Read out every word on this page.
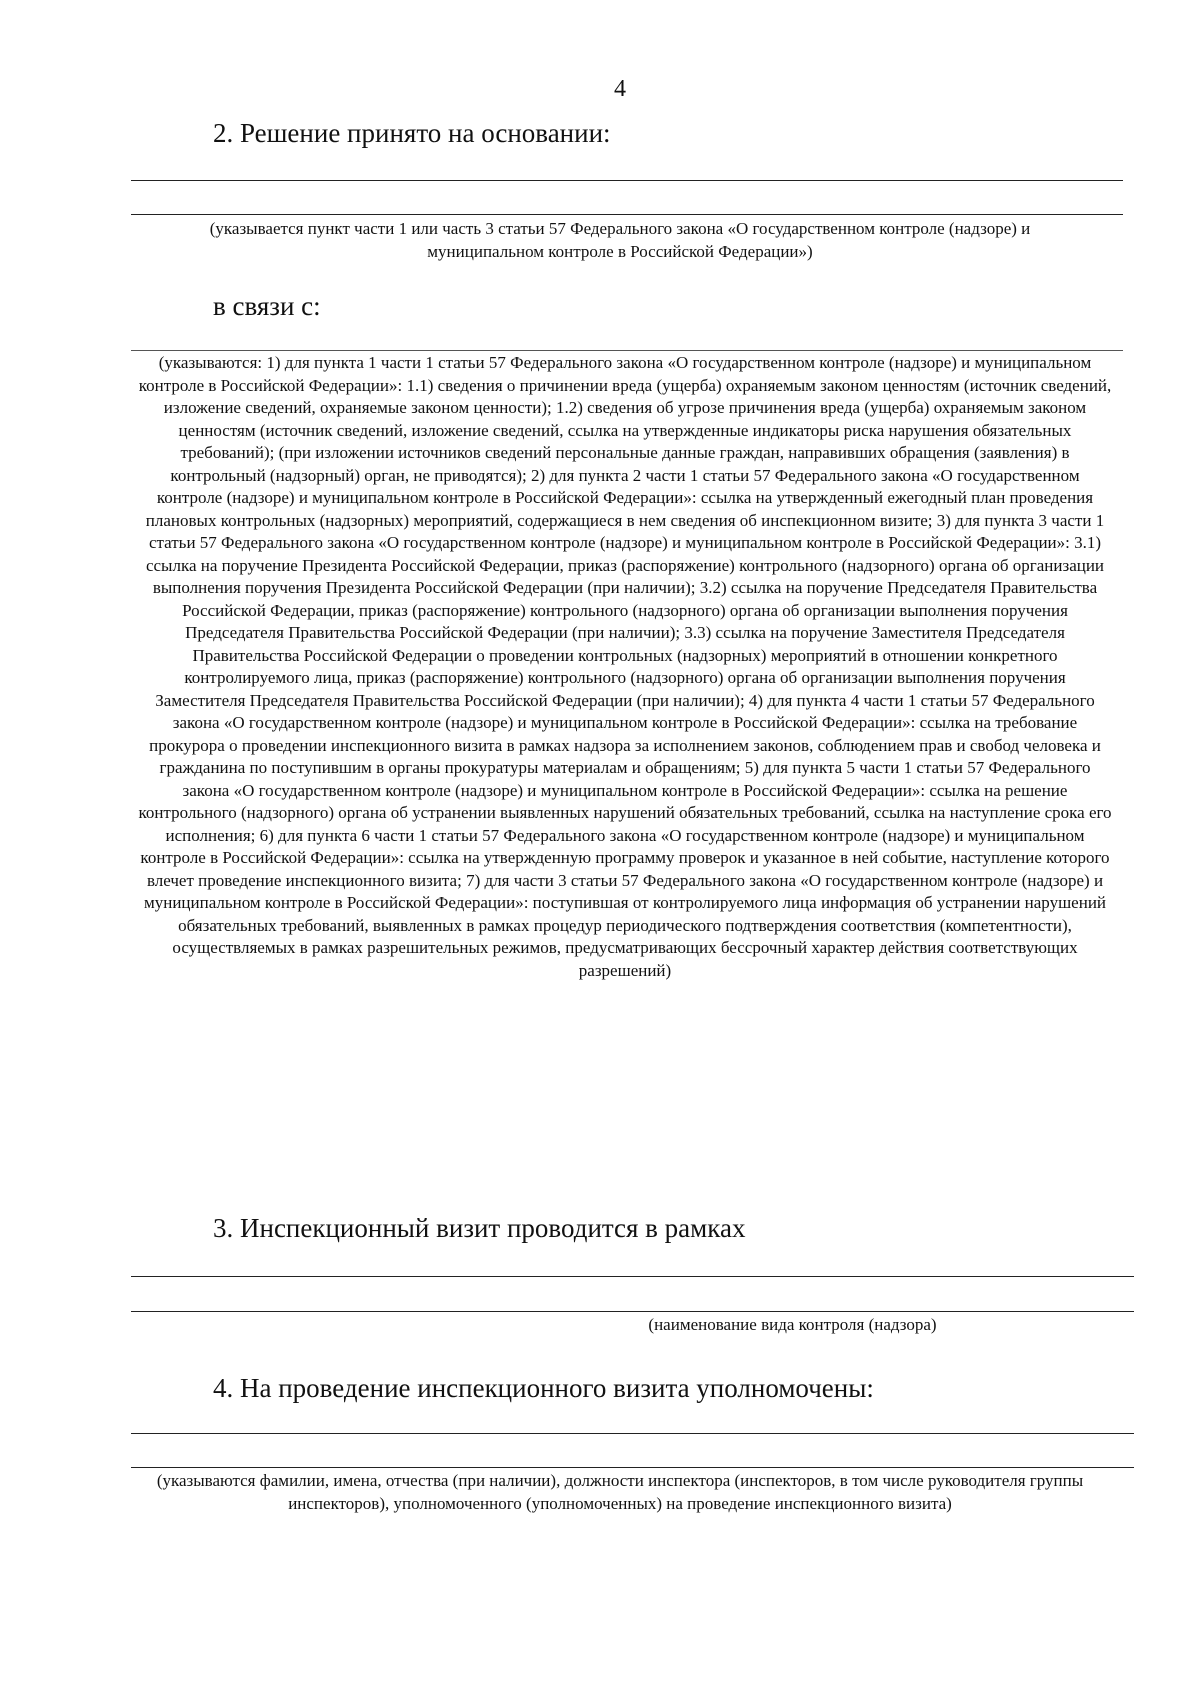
4
2. Решение принято на основании:
(указывается пункт части 1 или часть 3 статьи 57 Федерального закона «О государственном контроле (надзоре) и муниципальном контроле в Российской Федерации»)
в связи с:
(указываются: 1) для пункта 1 части 1 статьи 57 Федерального закона «О государственном контроле (надзоре) и муниципальном контроле в Российской Федерации»: 1.1) сведения о причинении вреда (ущерба) охраняемым законом ценностям (источник сведений, изложение сведений, охраняемые законом ценности); 1.2) сведения об угрозе причинения вреда (ущерба) охраняемым законом ценностям (источник сведений, изложение сведений, ссылка на утвержденные индикаторы риска нарушения обязательных требований); (при изложении источников сведений персональные данные граждан, направивших обращения (заявления) в контрольный (надзорный) орган, не приводятся); 2) для пункта 2 части 1 статьи 57 Федерального закона «О государственном контроле (надзоре) и муниципальном контроле в Российской Федерации»: ссылка на утвержденный ежегодный план проведения плановых контрольных (надзорных) мероприятий, содержащиеся в нем сведения об инспекционном визите; 3) для пункта 3 части 1 статьи 57 Федерального закона «О государственном контроле (надзоре) и муниципальном контроле в Российской Федерации»: 3.1) ссылка на поручение Президента Российской Федерации, приказ (распоряжение) контрольного (надзорного) органа об организации выполнения поручения Президента Российской Федерации (при наличии); 3.2) ссылка на поручение Председателя Правительства Российской Федерации, приказ (распоряжение) контрольного (надзорного) органа об организации выполнения поручения Председателя Правительства Российской Федерации (при наличии); 3.3) ссылка на поручение Заместителя Председателя Правительства Российской Федерации о проведении контрольных (надзорных) мероприятий в отношении конкретного контролируемого лица, приказ (распоряжение) контрольного (надзорного) органа об организации выполнения поручения Заместителя Председателя Правительства Российской Федерации (при наличии); 4) для пункта 4 части 1 статьи 57 Федерального закона «О государственном контроле (надзоре) и муниципальном контроле в Российской Федерации»: ссылка на требование прокурора о проведении инспекционного визита в рамках надзора за исполнением законов, соблюдением прав и свобод человека и гражданина по поступившим в органы прокуратуры материалам и обращениям; 5) для пункта 5 части 1 статьи 57 Федерального закона «О государственном контроле (надзоре) и муниципальном контроле в Российской Федерации»: ссылка на решение контрольного (надзорного) органа об устранении выявленных нарушений обязательных требований, ссылка на наступление срока его исполнения; 6) для пункта 6 части 1 статьи 57 Федерального закона «О государственном контроле (надзоре) и муниципальном контроле в Российской Федерации»: ссылка на утвержденную программу проверок и указанное в ней событие, наступление которого влечет проведение инспекционного визита; 7) для части 3 статьи 57 Федерального закона «О государственном контроле (надзоре) и муниципальном контроле в Российской Федерации»: поступившая от контролируемого лица информация об устранении нарушений обязательных требований, выявленных в рамках процедур периодического подтверждения соответствия (компетентности), осуществляемых в рамках разрешительных режимов, предусматривающих бессрочный характер действия соответствующих разрешений)
3. Инспекционный визит проводится в рамках
(наименование вида контроля (надзора)
4. На проведение инспекционного визита уполномочены:
(указываются фамилии, имена, отчества (при наличии), должности инспектора (инспекторов, в том числе руководителя группы инспекторов), уполномоченного (уполномоченных) на проведение инспекционного визита)
